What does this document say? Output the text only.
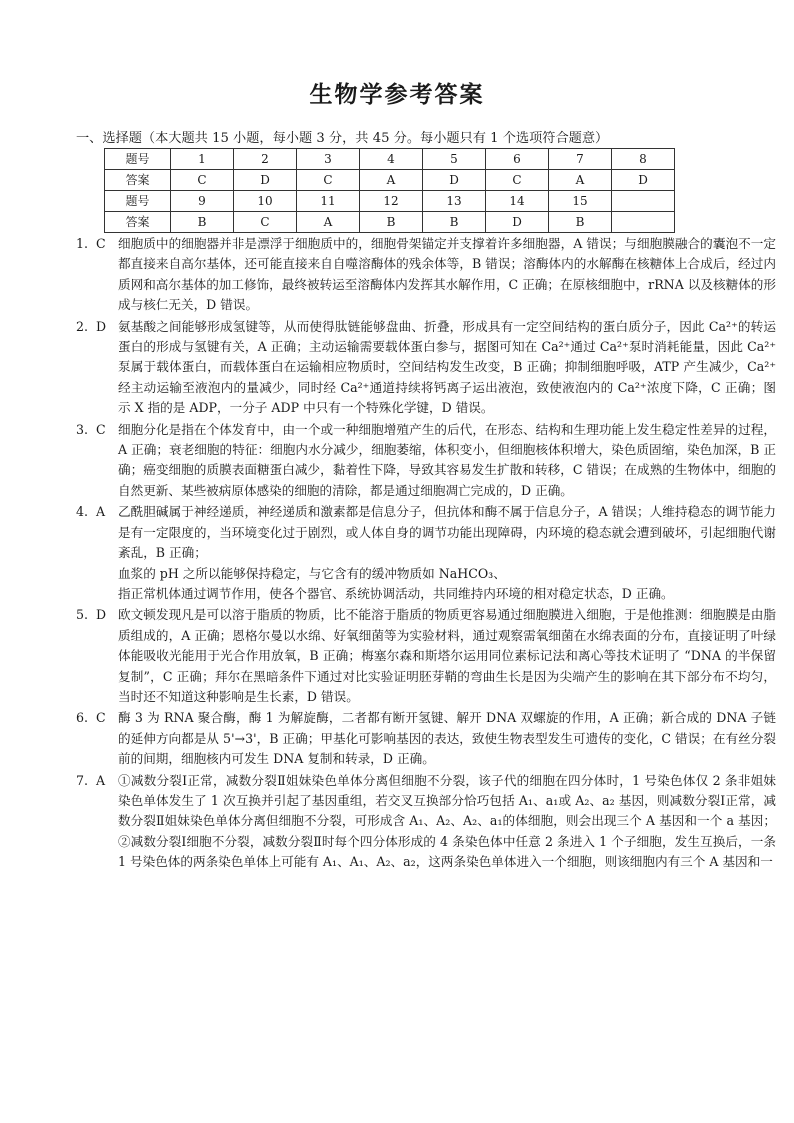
生物学参考答案
一、选择题（本大题共 15 小题，每小题 3 分，共 45 分。每小题只有 1 个选项符合题意）
题号	1	2	3	4	5	6	7	8
答案	C	D	C	A	D	C	A	D
题号	9	10	11	12	13	14	15	
答案	B	C	A	B	B	D	B	
1. C 细胞质中的细胞器并非是漂浮于细胞质中的，细胞骨架锚定并支撑着许多细胞器，A 错误；与细胞膜融合的囊泡不一定都直接来自高尔基体，还可能直接来自自噬溶酶体的残余体等，B 错误；溶酶体内的水解酶在核糖体上合成后，经过内质网和高尔基体的加工修饰，最终被转运至溶酶体内发挥其水解作用，C 正确；在原核细胞中，rRNA 以及核糖体的形成与核仁无关，D 错误。

2. D 氨基酸之间能够形成氢键等，从而使得肽链能够盘曲、折叠，形成具有一定空间结构的蛋白质分子，因此 Ca²⁺的转运蛋白的形成与氢键有关，A 正确；主动运输需要载体蛋白参与，据图可知在 Ca²⁺通过 Ca²⁺泵时消耗能量，因此 Ca²⁺泵属于载体蛋白，而载体蛋白在运输相应物质时，空间结构发生改变，B 正确；抑制细胞呼吸，ATP 产生减少，Ca²⁺经主动运输至液泡内的量减少，同时经 Ca²⁺通道持续将钙离子运出液泡，致使液泡内的 Ca²⁺浓度下降，C 正确；图示 X 指的是 ADP，一分子 ADP 中只有一个特殊化学键，D 错误。

3. C 细胞分化是指在个体发育中，由一个或一种细胞增殖产生的后代，在形态、结构和生理功能上发生稳定性差异的过程，A 正确；衰老细胞的特征：细胞内水分减少，细胞萎缩，体积变小，但细胞核体积增大，染色质固缩，染色加深，B 正确；癌变细胞的质膜表面糖蛋白减少，黏着性下降，导致其容易发生扩散和转移，C 错误；在成熟的生物体中，细胞的自然更新、某些被病原体感染的细胞的清除，都是通过细胞凋亡完成的，D 正确。

4. A	乙酰胆碱属于神经递质，神经递质和激素都是信息分子，但抗体和酶不属于信息分子，A 错误；人维持稳态的调节能力是有一定限度的，当环境变化过于剧烈，或人体自身的调节功能出现障碍，内环境的稳态就会遭到破坏，引起细胞代谢紊乱，B 正确；

血浆的 pH 之所以能够保持稳定，与它含有的缓冲物质如 NaHCO₃、

指正常机体通过调节作用，使各个器官、系统协调活动，共同维持内环境的相对稳定状态，D 正确。

5. D 欧文顿发现凡是可以溶于脂质的物质，比不能溶于脂质的物质更容易通过细胞膜进入细胞，于是他推测：细胞膜是由脂质组成的，A 正确；恩格尔曼以水绵、好氧细菌等为实验材料，通过观察需氧细菌在水绵表面的分布，直接证明了叶绿体能吸收光能用于光合作用放氧，B 正确；梅塞尔森和斯塔尔运用同位素标记法和离心等技术证明了 “DNA 的半保留复制”，C 正确；拜尔在黑暗条件下通过对比实验证明胚芽鞘的弯曲生长是因为尖端产生的影响在其下部分布不均匀，当时还不知道这种影响是生长素，D 错误。

6. C 酶 3 为 RNA 聚合酶，酶 1 为解旋酶，二者都有断开氢键、解开 DNA 双螺旋的作用，A 正确；新合成的 DNA 子链的延伸方向都是从 5'→3'，B 正确；甲基化可影响基因的表达，致使生物表型发生可遗传的变化，C 错误；在有丝分裂前的间期，细胞核内可发生 DNA 复制和转录，D 正确。

7. A	①减数分裂Ⅰ正常，减数分裂Ⅱ姐妹染色单体分离但细胞不分裂，该子代的细胞在四分体时，1 号染色体仅 2 条非姐妹染色单体发生了 1 次互换并引起了基因重组，若交叉互换部分恰巧包括 A₁、a₁或 A₂、a₂ 基因，则减数分裂Ⅰ正常，减数分裂Ⅱ姐妹染色单体分离但细胞不分裂，可形成含 A₁、A₂、A₂、a₁的体细胞，则会出现三个 A 基因和一个 a 基因；②减数分裂Ⅰ细胞不分裂，减数分裂Ⅱ时每个四分体形成的 4 条染色体中任意 2 条进入 1 个子细胞，发生互换后，一条 1 号染色体的两条染色单体上可能有 A₁、A₁、A₂、a₂，这两条染色单体进入一个细胞，则该细胞内有三个 A 基因和一
